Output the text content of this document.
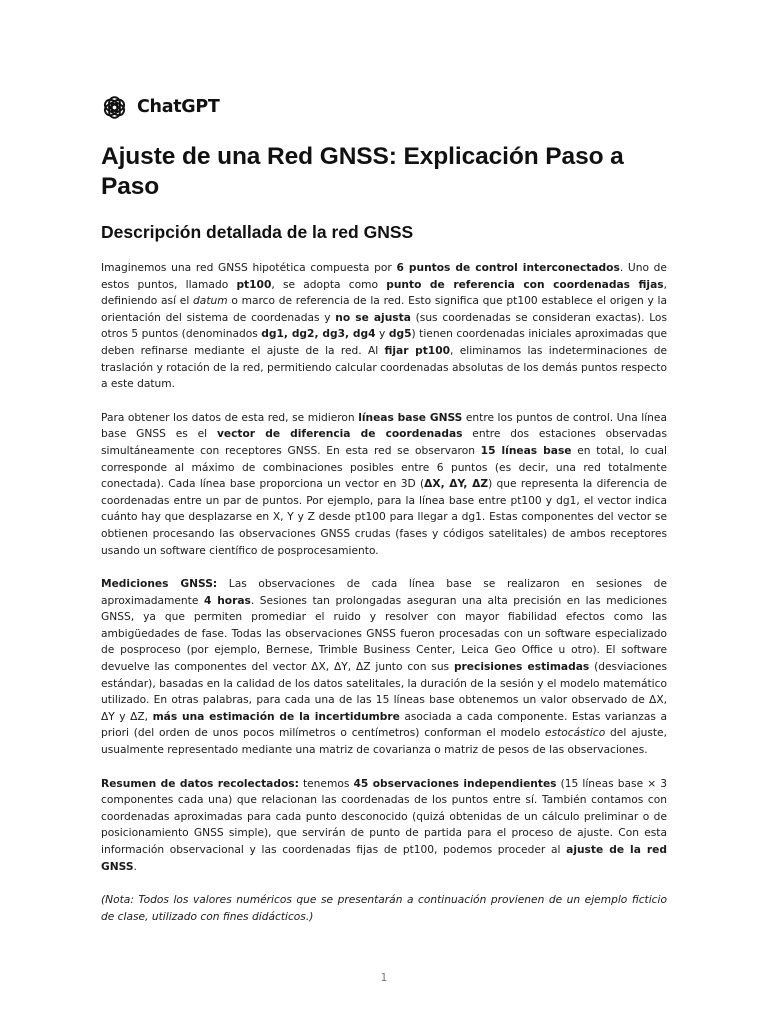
ChatGPT
Ajuste de una Red GNSS: Explicación Paso a Paso
Descripción detallada de la red GNSS

Imaginemos una red GNSS hipotética compuesta por 6 puntos de control interconectados. Uno de estos puntos, llamado pt100, se adopta como punto de referencia con coordenadas fijas, definiendo así el datum o marco de referencia de la red. Esto significa que pt100 establece el origen y la orientación del sistema de coordenadas y no se ajusta (sus coordenadas se consideran exactas). Los otros 5 puntos (denominados dg1, dg2, dg3, dg4 y dg5) tienen coordenadas iniciales aproximadas que deben refinarse mediante el ajuste de la red. Al fijar pt100, eliminamos las indeterminaciones de traslación y rotación de la red, permitiendo calcular coordenadas absolutas de los demás puntos respecto a este datum.

Para obtener los datos de esta red, se midieron líneas base GNSS entre los puntos de control. Una línea base GNSS es el vector de diferencia de coordenadas entre dos estaciones observadas simultáneamente con receptores GNSS. En esta red se observaron 15 líneas base en total, lo cual corresponde al máximo de combinaciones posibles entre 6 puntos (es decir, una red totalmente conectada). Cada línea base proporciona un vector en 3D (ΔX, ΔY, ΔZ) que representa la diferencia de coordenadas entre un par de puntos. Por ejemplo, para la línea base entre pt100 y dg1, el vector indica cuánto hay que desplazarse en X, Y y Z desde pt100 para llegar a dg1. Estas componentes del vector se obtienen procesando las observaciones GNSS crudas (fases y códigos satelitales) de ambos receptores usando un software científico de posprocesamiento.

Mediciones GNSS: Las observaciones de cada línea base se realizaron en sesiones de aproximadamente 4 horas. Sesiones tan prolongadas aseguran una alta precisión en las mediciones GNSS, ya que permiten promediar el ruido y resolver con mayor fiabilidad efectos como las ambigüedades de fase. Todas las observaciones GNSS fueron procesadas con un software especializado de posproceso (por ejemplo, Bernese, Trimble Business Center, Leica Geo Office u otro). El software devuelve las componentes del vector ΔX, ΔY, ΔZ junto con sus precisiones estimadas (desviaciones estándar), basadas en la calidad de los datos satelitales, la duración de la sesión y el modelo matemático utilizado. En otras palabras, para cada una de las 15 líneas base obtenemos un valor observado de ΔX, ΔY y ΔZ, más una estimación de la incertidumbre asociada a cada componente. Estas varianzas a priori (del orden de unos pocos milímetros o centímetros) conforman el modelo estocástico del ajuste, usualmente representado mediante una matriz de covarianza o matriz de pesos de las observaciones.

Resumen de datos recolectados: tenemos 45 observaciones independientes (15 líneas base × 3 componentes cada una) que relacionan las coordenadas de los puntos entre sí. También contamos con coordenadas aproximadas para cada punto desconocido (quizá obtenidas de un cálculo preliminar o de posicionamiento GNSS simple), que servirán de punto de partida para el proceso de ajuste. Con esta información observacional y las coordenadas fijas de pt100, podemos proceder al ajuste de la red GNSS.

(Nota: Todos los valores numéricos que se presentarán a continuación provienen de un ejemplo ficticio de clase, utilizado con fines didácticos.)

1
